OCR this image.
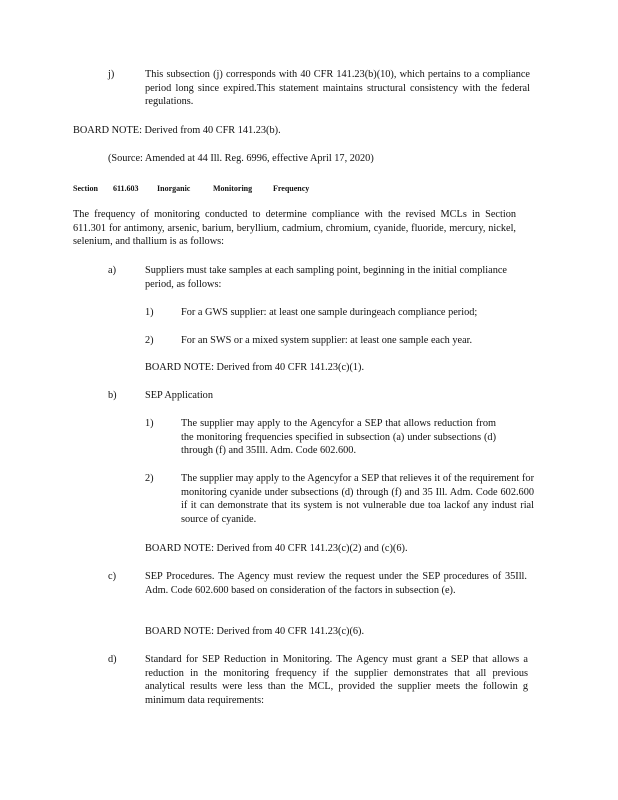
j)	This subsection (j) corresponds with 40 CFR 141.23(b)(10), which pertains to a compliance period long since expired.This statement maintains structural consistency with the federal regulations.
BOARD NOTE: Derived from 40 CFR 141.23(b).
(Source: Amended at 44 Ill. Reg. 6996, effective April 17, 2020)
Section 611.603 Inorganic	Monitoring	Frequency
The frequency of monitoring conducted to determine compliance with the revised MCLs in Section 611.301 for antimony, arsenic, barium, beryllium, cadmium, chromium, cyanide, fluoride, mercury, nickel, selenium, and thallium is as follows:
a)	Suppliers must take samples at each sampling point, beginning in the initial compliance period, as follows:
1)	For a GWS supplier: at least one sample duringeach compliance period;
2)	For an SWS or a mixed system supplier: at least one sample each year.
BOARD NOTE: Derived from 40 CFR 141.23(c)(1).
b)	SEP Application
1)	The supplier may apply to the Agencyfor a SEP that allows reduction from the monitoring frequencies specified in subsection (a) under subsections (d) through (f) and 35Ill. Adm. Code 602.600.
2)	The supplier may apply to the Agencyfor a SEP that relieves it of the requirement for monitoring cyanide under subsections (d) through (f) and 35 Ill. Adm. Code 602.600 if it can demonstrate that its system is not vulnerable due toa lackof any indust rial source of cyanide.
BOARD NOTE: Derived from 40 CFR 141.23(c)(2) and (c)(6).
c)	SEP Procedures. The Agency must review the request under the SEP procedures of 35Ill. Adm. Code 602.600 based on consideration of the factors in subsection (e).
BOARD NOTE: Derived from 40 CFR 141.23(c)(6).
d)	Standard for SEP Reduction in Monitoring. The Agency must grant a SEP that allows a reduction in the monitoring frequency if the supplier demonstrates that all previous analytical results were less than the MCL, provided the supplier meets the followin g minimum data requirements:
